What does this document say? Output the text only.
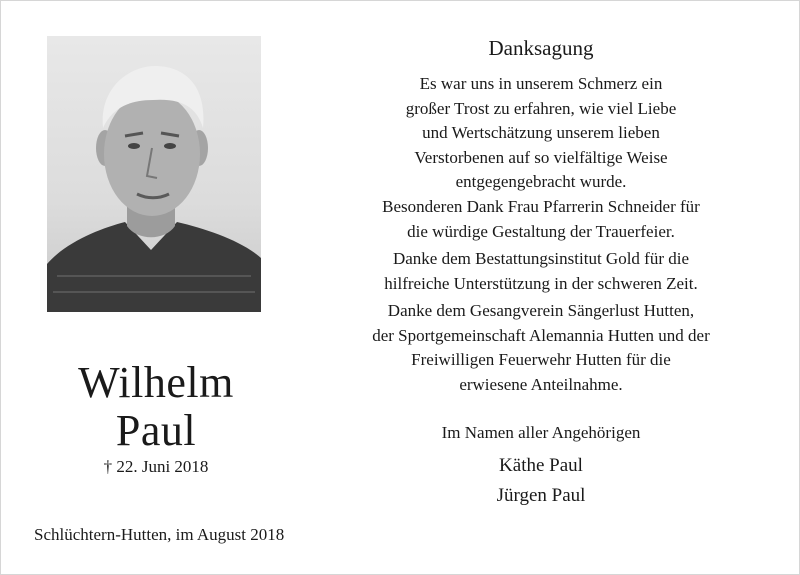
Wilhelm
Paul
† 22. Juni 2018
Schlüchtern-Hutten, im August 2018
Danksagung
Es war uns in unserem Schmerz ein
großer Trost zu erfahren, wie viel Liebe
und Wertschätzung unserem lieben
Verstorbenen auf so vielfältige Weise
entgegengebracht wurde.
Besonderen Dank Frau Pfarrerin Schneider für
die würdige Gestaltung der Trauerfeier.
Danke dem Bestattungsinstitut Gold für die
hilfreiche Unterstützung in der schweren Zeit.
Danke dem Gesangverein Sängerlust Hutten,
der Sportgemeinschaft Alemannia Hutten und der
Freiwilligen Feuerwehr Hutten für die
erwiesene Anteilnahme.
Im Namen aller Angehörigen
Käthe Paul
Jürgen Paul
